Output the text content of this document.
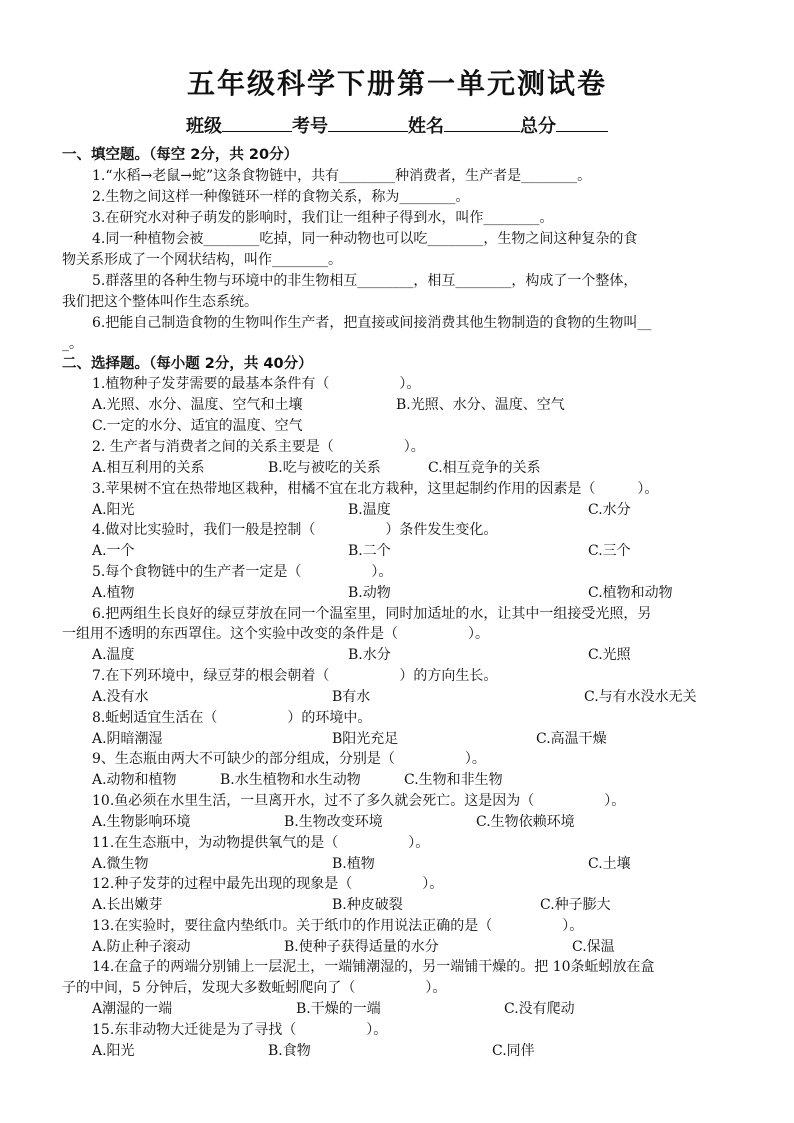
五年级科学下册第一单元测试卷
班级	考号	姓名	总分
一、填空题。（每空 2分，共 20分）
1.“水稻→老鼠→蛇”这条食物链中，共有________种消费者，生产者是________。
2.生物之间这样一种像链环一样的食物关系，称为________。
3.在研究水对种子萌发的影响时，我们让一组种子得到水，叫作________。
4.同一种植物会被________吃掉，同一种动物也可以吃________，生物之间这种复杂的食
物关系形成了一个网状结构，叫作________。
5.群落里的各种生物与环境中的非生物相互________，相互________，构成了一个整体，
我们把这个整体叫作生态系统。
6.把能自己制造食物的生物叫作生产者，把直接或间接消费其他生物制造的食物的生物叫__
_。
二、选择题。（每小题 2分，共 40分）
1.植物种子发芽需要的最基本条件有（　　　　　）。
A.光照、水分、温度、空气和土壤	B.光照、水分、温度、空气
C.一定的水分、适宜的温度、空气
2. 生产者与消费者之间的关系主要是（　　　　　）。
A.相互利用的关系	B.吃与被吃的关系	C.相互竞争的关系
3.苹果树不宜在热带地区栽种，柑橘不宜在北方栽种，这里起制约作用的因素是（　　　）。
A.阳光	B.温度	C.水分
4.做对比实验时，我们一般是控制（　　　　　）条件发生变化。
A.一个	B.二个	C.三个
5.每个食物链中的生产者一定是（　　　　　）。
A.植物	B.动物	C.植物和动物
6.把两组生长良好的绿豆芽放在同一个温室里，同时加适址的水，让其中一组接受光照，另
一组用不透明的东西罩住。这个实验中改变的条件是（　　　　　）。
A.温度	B.水分	C.光照
7.在下列环境中，绿豆芽的根会朝着（　　　　　）的方向生长。
A.没有水	B有水	C.与有水没水无关
8.蚯蚓适宜生活在（　　　　　）的环境中。
A.阴暗潮湿	B阳光充足	C.高温干燥
9、生态瓶由两大不可缺少的部分组成，分别是（　　　　　）。
A.动物和植物	B.水生植物和水生动物	C.生物和非生物
10.鱼必须在水里生活，一旦离开水，过不了多久就会死亡。这是因为（　　　　　）。
A.生物影响环境	B.生物改变环境	C.生物依赖环境
11.在生态瓶中，为动物提供氧气的是（　　　　　）。
A.微生物	B.植物	C.土壤
12.种子发芽的过程中最先出现的现象是（　　　　　）。
A.长出嫩芽	B.种皮破裂	C.种子膨大
13.在实验时，要往盒内垫纸巾。关于纸巾的作用说法正确的是（　　　　　）。
A.防止种子滚动	B.使种子获得适量的水分	C.保温
14.在盒子的两端分别铺上一层泥土，一端铺潮湿的，另一端铺干燥的。把 10条蚯蚓放在盒
子的中间，5 分钟后，发现大多数蚯蚓爬向了（　　　　　）。
A潮湿的一端	B.干燥的一端	C.没有爬动
15.东非动物大迁徙是为了寻找（　　　　　）。
A.阳光	B.食物	C.同伴
